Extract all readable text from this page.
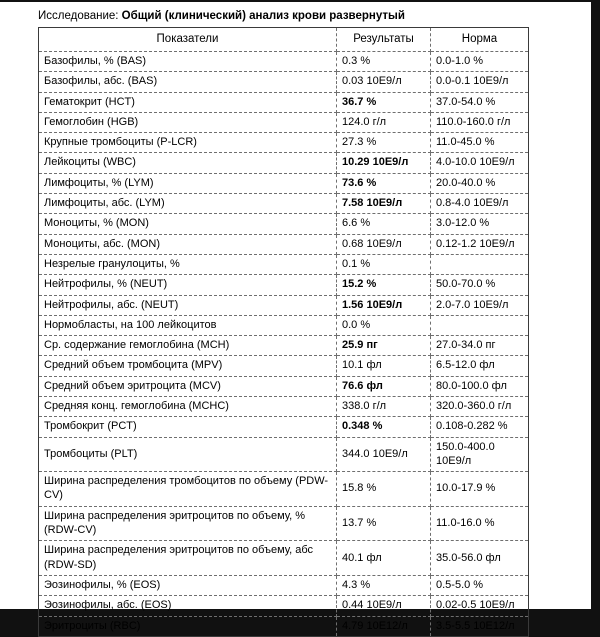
Исследование: Общий (клинический) анализ крови развернутый
Показатели	Результаты	Норма
Базофилы, % (BAS)	0.3 %	0.0-1.0 %
Базофилы, абс. (BAS)	0.03 10E9/л	0.0-0.1 10E9/л
Гематокрит (HCT)	36.7 %	37.0-54.0 %
Гемоглобин (HGB)	124.0 г/л	110.0-160.0 г/л
Крупные тромбоциты (P-LCR)	27.3 %	11.0-45.0 %
Лейкоциты (WBC)	10.29 10E9/л	4.0-10.0 10E9/л
Лимфоциты, % (LYM)	73.6 %	20.0-40.0 %
Лимфоциты, абс. (LYM)	7.58 10E9/л	0.8-4.0 10E9/л
Моноциты, % (MON)	6.6 %	3.0-12.0 %
Моноциты, абс. (MON)	0.68 10E9/л	0.12-1.2 10E9/л
Незрелые гранулоциты, %	0.1 %	
Нейтрофилы, % (NEUT)	15.2 %	50.0-70.0 %
Нейтрофилы, абс. (NEUT)	1.56 10E9/л	2.0-7.0 10E9/л
Нормобласты, на 100 лейкоцитов	0.0 %	
Ср. содержание гемоглобина (MCH)	25.9 пг	27.0-34.0 пг
Средний объем тромбоцита (MPV)	10.1 фл	6.5-12.0 фл
Средний объем эритроцита (MCV)	76.6 фл	80.0-100.0 фл
Средняя конц. гемоглобина (MCHC)	338.0 г/л	320.0-360.0 г/л
Тромбокрит (PCT)	0.348 %	0.108-0.282 %
Тромбоциты (PLT)	344.0 10E9/л	150.0-400.0 10E9/л
Ширина распределения тромбоцитов по объему (PDW-CV)	15.8 %	10.0-17.9 %
Ширина распределения эритроцитов по объему, % (RDW-CV)	13.7 %	11.0-16.0 %
Ширина распределения эритроцитов по объему, абс (RDW-SD)	40.1 фл	35.0-56.0 фл
Эозинофилы, % (EOS)	4.3 %	0.5-5.0 %
Эозинофилы, абс. (EOS)	0.44 10E9/л	0.02-0.5 10E9/л
Эритроциты (RBC)	4.79 10E12/л	3.5-5.5 10E12/л
